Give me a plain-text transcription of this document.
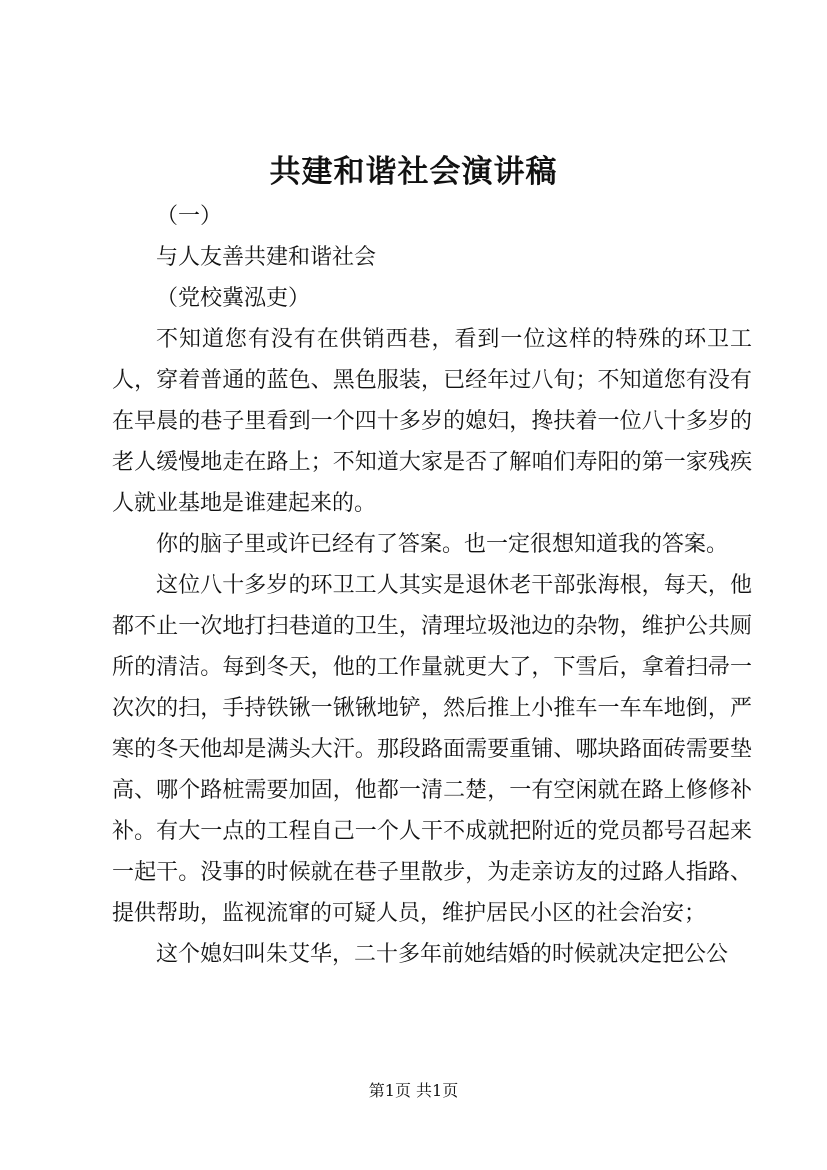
共建和谐社会演讲稿

（一）

与人友善共建和谐社会

（党校冀泓吏）

不知道您有没有在供销西巷，看到一位这样的特殊的环卫工人，穿着普通的蓝色、黑色服装，已经年过八旬；不知道您有没有在早晨的巷子里看到一个四十多岁的媳妇，搀扶着一位八十多岁的老人缓慢地走在路上；不知道大家是否了解咱们寿阳的第一家残疾人就业基地是谁建起来的。

你的脑子里或许已经有了答案。也一定很想知道我的答案。

这位八十多岁的环卫工人其实是退休老干部张海根，每天，他都不止一次地打扫巷道的卫生，清理垃圾池边的杂物，维护公共厕所的清洁。每到冬天，他的工作量就更大了，下雪后，拿着扫帚一次次的扫，手持铁锹一锹锹地铲，然后推上小推车一车车地倒，严寒的冬天他却是满头大汗。那段路面需要重铺、哪块路面砖需要垫高、哪个路桩需要加固，他都一清二楚，一有空闲就在路上修修补补。有大一点的工程自己一个人干不成就把附近的党员都号召起来一起干。没事的时候就在巷子里散步，为走亲访友的过路人指路、提供帮助，监视流窜的可疑人员，维护居民小区的社会治安；

这个媳妇叫朱艾华，二十多年前她结婚的时候就决定把公公

第1页 共1页
